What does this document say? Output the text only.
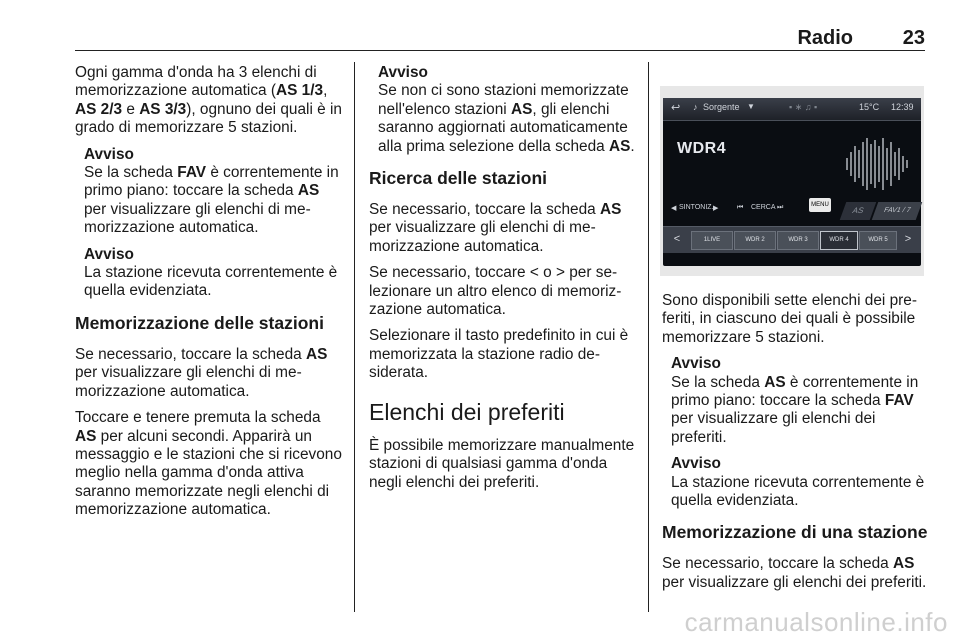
Radio 23

Ogni gamma d'onda ha 3 elenchi di memorizzazione automatica (AS 1/3, AS 2/3 e AS 3/3), ognuno dei quali è in grado di memorizzare 5 stazioni.

Avviso
Se la scheda FAV è correntemente in primo piano: toccare la scheda AS per visualizzare gli elenchi di memorizzazione automatica.
Avviso
La stazione ricevuta correntemente è quella evidenziata.
Memorizzazione delle stazioni

Se necessario, toccare la scheda AS per visualizzare gli elenchi di memorizzazione automatica.

Toccare e tenere premuta la scheda AS per alcuni secondi. Apparirà un messaggio e le stazioni che si ricevono meglio nella gamma d'onda attiva saranno memorizzate negli elenchi di memorizzazione automatica.

Avviso
Se non ci sono stazioni memorizzate nell'elenco stazioni AS, gli elenchi saranno aggiornati automaticamente alla prima selezione della scheda AS.
Ricerca delle stazioni

Se necessario, toccare la scheda AS per visualizzare gli elenchi di memorizzazione automatica.

Se necessario, toccare < o > per selezionare un altro elenco di memorizzazione automatica.

Selezionare il tasto predefinito in cui è memorizzata la stazione radio desiderata.

Elenchi dei preferiti

È possibile memorizzare manualmente stazioni di qualsiasi gamma d'onda negli elenchi dei preferiti.

↩ ♪ Sorgente ▼	▪ ∗ ♫ ▪	15°C 12:39
WDR4
◀ SINTONIZ. ▶	⏮ CERCA ⏭	MENU
AS	FAV1 / 7
<	1LIVE	WDR 2	WDR 3	WDR 4	WDR 5	>

Sono disponibili sette elenchi dei preferiti, in ciascuno dei quali è possibile memorizzare 5 stazioni.

Avviso
Se la scheda AS è correntemente in primo piano: toccare la scheda FAV per visualizzare gli elenchi dei preferiti.
Avviso
La stazione ricevuta correntemente è quella evidenziata.
Memorizzazione di una stazione

Se necessario, toccare la scheda AS per visualizzare gli elenchi dei preferiti.

carmanualsonline.info
